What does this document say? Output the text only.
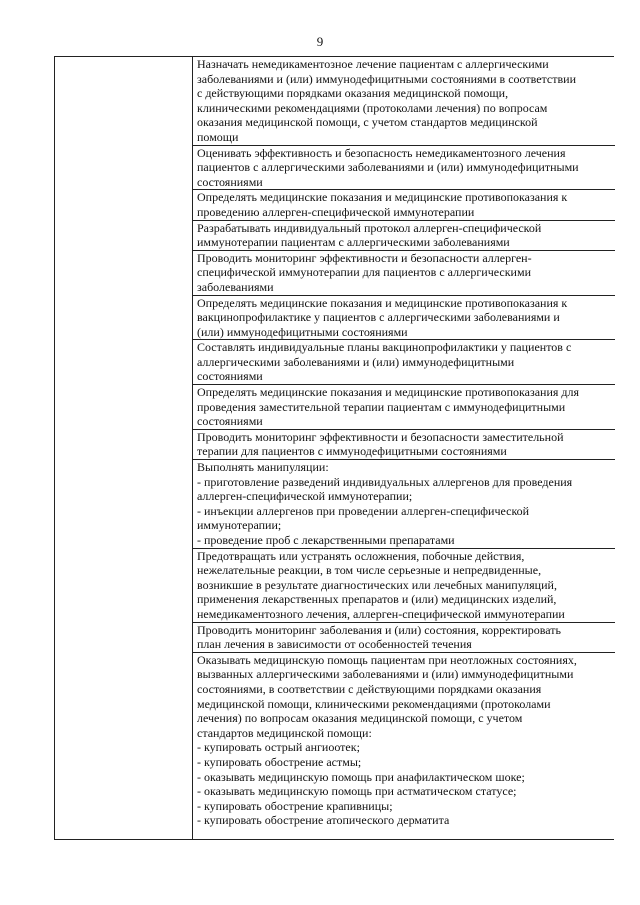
9
Назначать немедикаментозное лечение пациентам с аллергическими
заболеваниями и (или) иммунодефицитными состояниями в соответствии
с действующими порядками оказания медицинской помощи,
клиническими рекомендациями (протоколами лечения) по вопросам
оказания медицинской помощи, с учетом стандартов медицинской
помощи
Оценивать эффективность и безопасность немедикаментозного лечения
пациентов с аллергическими заболеваниями и (или) иммунодефицитными
состояниями
Определять медицинские показания и медицинские противопоказания к
проведению аллерген-специфической иммунотерапии
Разрабатывать индивидуальный протокол аллерген-специфической
иммунотерапии пациентам с аллергическими заболеваниями
Проводить мониторинг эффективности и безопасности аллерген-
специфической иммунотерапии для пациентов с аллергическими
заболеваниями
Определять медицинские показания и медицинские противопоказания к
вакцинопрофилактике у пациентов с аллергическими заболеваниями и
(или) иммунодефицитными состояниями
Составлять индивидуальные планы вакцинопрофилактики у пациентов с
аллергическими заболеваниями и (или) иммунодефицитными
состояниями
Определять медицинские показания и медицинские противопоказания для
проведения заместительной терапии пациентам с иммунодефицитными
состояниями
Проводить мониторинг эффективности и безопасности заместительной
терапии для пациентов с иммунодефицитными состояниями
Выполнять манипуляции:
- приготовление разведений индивидуальных аллергенов для проведения
аллерген-специфической иммунотерапии;
- инъекции аллергенов при проведении аллерген-специфической
иммунотерапии;
- проведение проб с лекарственными препаратами
Предотвращать или устранять осложнения, побочные действия,
нежелательные реакции, в том числе серьезные и непредвиденные,
возникшие в результате диагностических или лечебных манипуляций,
применения лекарственных препаратов и (или) медицинских изделий,
немедикаментозного лечения, аллерген-специфической иммунотерапии
Проводить мониторинг заболевания и (или) состояния, корректировать
план лечения в зависимости от особенностей течения
Оказывать медицинскую помощь пациентам при неотложных состояниях,
вызванных аллергическими заболеваниями и (или) иммунодефицитными
состояниями, в соответствии с действующими порядками оказания
медицинской помощи, клиническими рекомендациями (протоколами
лечения) по вопросам оказания медицинской помощи, с учетом
стандартов медицинской помощи:
- купировать острый ангиоотек;
- купировать обострение астмы;
- оказывать медицинскую помощь при анафилактическом шоке;
- оказывать медицинскую помощь при астматическом статусе;
- купировать обострение крапивницы;
- купировать обострение атопического дерматита
